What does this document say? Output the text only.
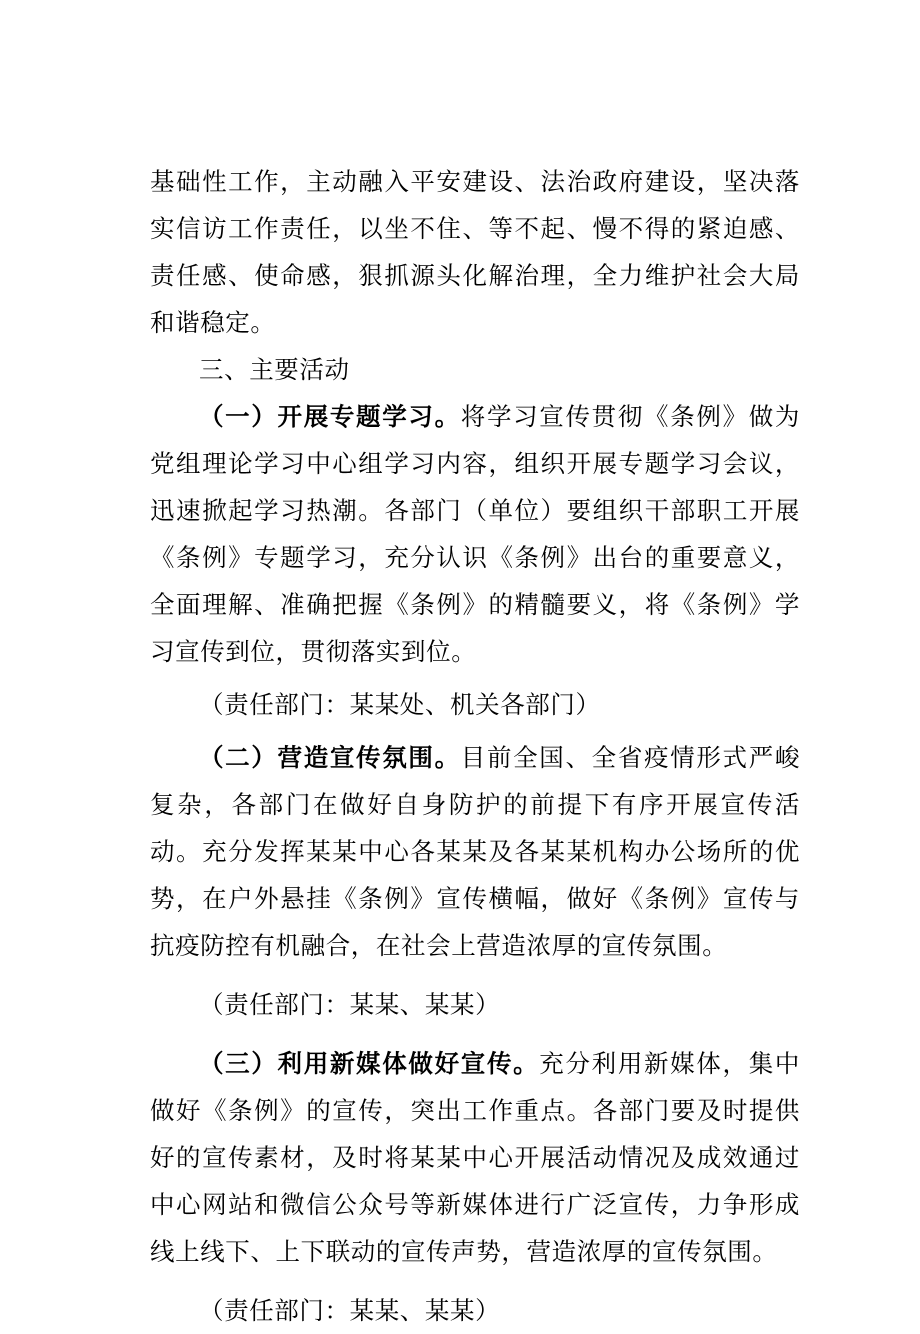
基础性工作，主动融入平安建设、法治政府建设，坚决落实信访工作责任，以坐不住、等不起、慢不得的紧迫感、责任感、使命感，狠抓源头化解治理，全力维护社会大局和谐稳定。

三、主要活动

（一）开展专题学习。将学习宣传贯彻《条例》做为党组理论学习中心组学习内容，组织开展专题学习会议，迅速掀起学习热潮。各部门（单位）要组织干部职工开展《条例》专题学习，充分认识《条例》出台的重要意义，全面理解、准确把握《条例》的精髓要义，将《条例》学习宣传到位，贯彻落实到位。

（责任部门：某某处、机关各部门）

（二）营造宣传氛围。目前全国、全省疫情形式严峻复杂，各部门在做好自身防护的前提下有序开展宣传活动。充分发挥某某中心各某某及各某某机构办公场所的优势，在户外悬挂《条例》宣传横幅，做好《条例》宣传与抗疫防控有机融合，在社会上营造浓厚的宣传氛围。

（责任部门：某某、某某）

（三）利用新媒体做好宣传。充分利用新媒体，集中做好《条例》的宣传，突出工作重点。各部门要及时提供好的宣传素材，及时将某某中心开展活动情况及成效通过中心网站和微信公众号等新媒体进行广泛宣传，力争形成线上线下、上下联动的宣传声势，营造浓厚的宣传氛围。

（责任部门：某某、某某）
